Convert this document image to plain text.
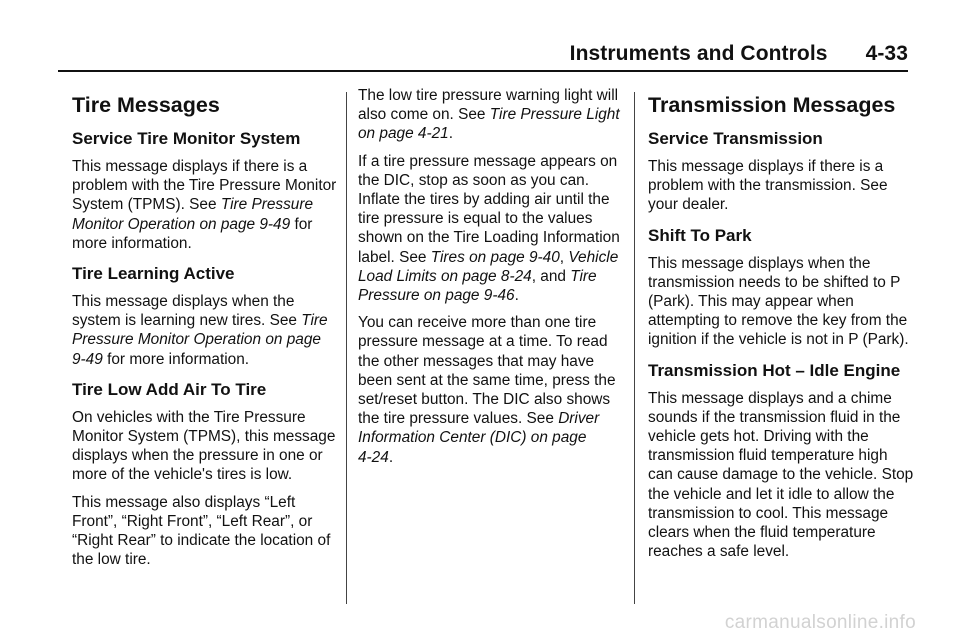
Instruments and Controls 4-33
Tire Messages
Service Tire Monitor System

This message displays if there is a problem with the Tire Pressure Monitor System (TPMS). See Tire Pressure Monitor Operation on page 9‑49 for more information.

Tire Learning Active

This message displays when the system is learning new tires. See Tire Pressure Monitor Operation on page 9‑49 for more information.

Tire Low Add Air To Tire

On vehicles with the Tire Pressure Monitor System (TPMS), this message displays when the pressure in one or more of the vehicle's tires is low.

This message also displays “Left Front”, “Right Front”, “Left Rear”, or “Right Rear” to indicate the location of the low tire.

The low tire pressure warning light will also come on. See Tire Pressure Light on page 4‑21.

If a tire pressure message appears on the DIC, stop as soon as you can. Inflate the tires by adding air until the tire pressure is equal to the values shown on the Tire Loading Information label. See Tires on page 9‑40, Vehicle Load Limits on page 8‑24, and Tire Pressure on page 9‑46.

You can receive more than one tire pressure message at a time. To read the other messages that may have been sent at the same time, press the set/reset button. The DIC also shows the tire pressure values. See Driver Information Center (DIC) on page 4‑24.

Transmission Messages
Service Transmission

This message displays if there is a problem with the transmission. See your dealer.

Shift To Park

This message displays when the transmission needs to be shifted to P (Park). This may appear when attempting to remove the key from the ignition if the vehicle is not in P (Park).

Transmission Hot – Idle Engine

This message displays and a chime sounds if the transmission fluid in the vehicle gets hot. Driving with the transmission fluid temperature high can cause damage to the vehicle. Stop the vehicle and let it idle to allow the transmission to cool. This message clears when the fluid temperature reaches a safe level.

carmanualsonline.info
